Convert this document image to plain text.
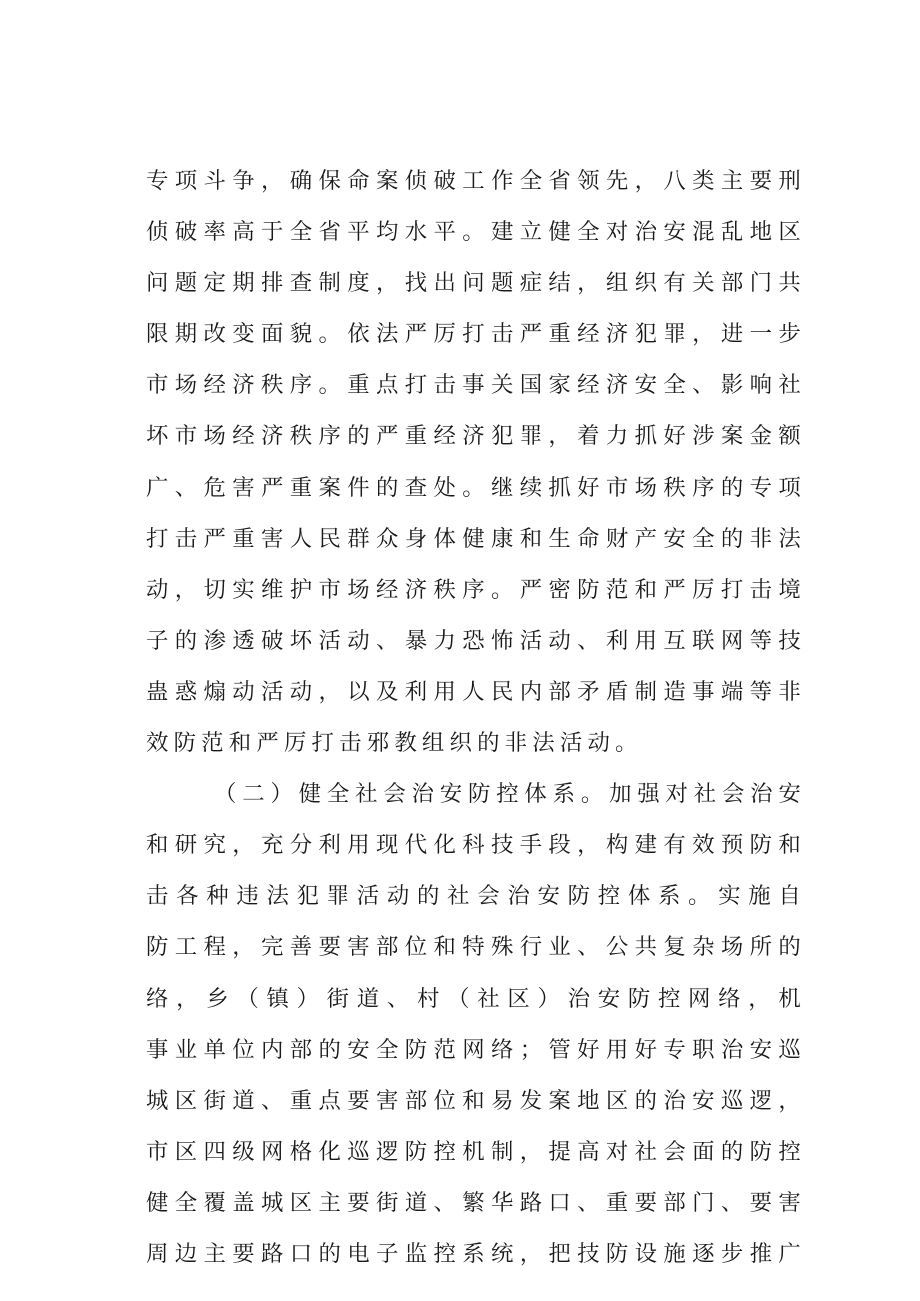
专项斗争，确保命案侦破工作全省领先，八类主要刑
侦破率高于全省平均水平。建立健全对治安混乱地区
问题定期排查制度，找出问题症结，组织有关部门共
限期改变面貌。依法严厉打击严重经济犯罪，进一步
市场经济秩序。重点打击事关国家经济安全、影响社
坏市场经济秩序的严重经济犯罪，着力抓好涉案金额
广、危害严重案件的查处。继续抓好市场秩序的专项
打击严重害人民群众身体健康和生命财产安全的非法
动，切实维护市场经济秩序。严密防范和严厉打击境
子的渗透破坏活动、暴力恐怖活动、利用互联网等技
蛊惑煽动活动，以及利用人民内部矛盾制造事端等非
效防范和严厉打击邪教组织的非法活动。
（二）健全社会治安防控体系。加强对社会治安
和研究，充分利用现代化科技手段，构建有效预防和
击各种违法犯罪活动的社会治安防控体系。实施自
防工程，完善要害部位和特殊行业、公共复杂场所的
络，乡（镇）街道、村（社区）治安防控网络，机
事业单位内部的安全防范网络；管好用好专职治安巡
城区街道、重点要害部位和易发案地区的治安巡逻，
市区四级网格化巡逻防控机制，提高对社会面的防控
健全覆盖城区主要街道、繁华路口、重要部门、要害
周边主要路口的电子监控系统，把技防设施逐步推广
